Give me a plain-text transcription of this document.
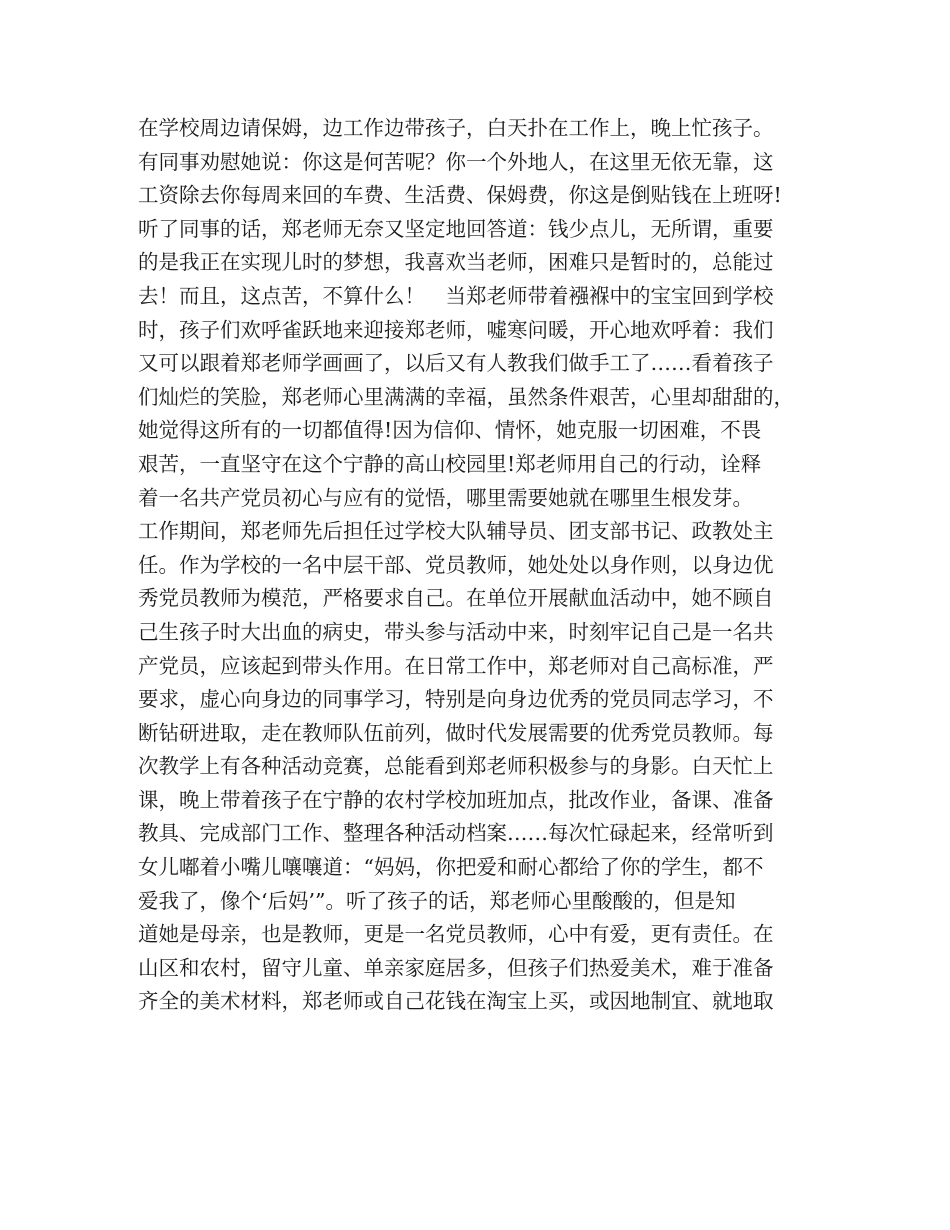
在学校周边请保姆，边工作边带孩子，白天扑在工作上，晚上忙孩子。
有同事劝慰她说：你这是何苦呢？你一个外地人，在这里无依无靠，这
工资除去你每周来回的车费、生活费、保姆费，你这是倒贴钱在上班呀!
听了同事的话，郑老师无奈又坚定地回答道：钱少点儿，无所谓，重要
的是我正在实现儿时的梦想，我喜欢当老师，困难只是暂时的，总能过
去！而且，这点苦，不算什么！　当郑老师带着襁褓中的宝宝回到学校
时，孩子们欢呼雀跃地来迎接郑老师，嘘寒问暖，开心地欢呼着：我们
又可以跟着郑老师学画画了，以后又有人教我们做手工了……看着孩子
们灿烂的笑脸，郑老师心里满满的幸福，虽然条件艰苦，心里却甜甜的，
她觉得这所有的一切都值得!因为信仰、情怀，她克服一切困难，不畏
艰苦，一直坚守在这个宁静的高山校园里!郑老师用自己的行动，诠释
着一名共产党员初心与应有的觉悟，哪里需要她就在哪里生根发芽。
工作期间，郑老师先后担任过学校大队辅导员、团支部书记、政教处主
任。作为学校的一名中层干部、党员教师，她处处以身作则，以身边优
秀党员教师为模范，严格要求自己。在单位开展献血活动中，她不顾自
己生孩子时大出血的病史，带头参与活动中来，时刻牢记自己是一名共
产党员，应该起到带头作用。在日常工作中，郑老师对自己高标准，严
要求，虚心向身边的同事学习，特别是向身边优秀的党员同志学习，不
断钻研进取，走在教师队伍前列，做时代发展需要的优秀党员教师。每
次教学上有各种活动竞赛，总能看到郑老师积极参与的身影。白天忙上
课，晚上带着孩子在宁静的农村学校加班加点，批改作业，备课、准备
教具、完成部门工作、整理各种活动档案……每次忙碌起来，经常听到
女儿嘟着小嘴儿嚷嚷道：“妈妈，你把爱和耐心都给了你的学生，都不
爱我了，像个‘后妈’”。听了孩子的话，郑老师心里酸酸的，但是知
道她是母亲，也是教师，更是一名党员教师，心中有爱，更有责任。在
山区和农村，留守儿童、单亲家庭居多，但孩子们热爱美术，难于准备
齐全的美术材料，郑老师或自己花钱在淘宝上买，或因地制宜、就地取
